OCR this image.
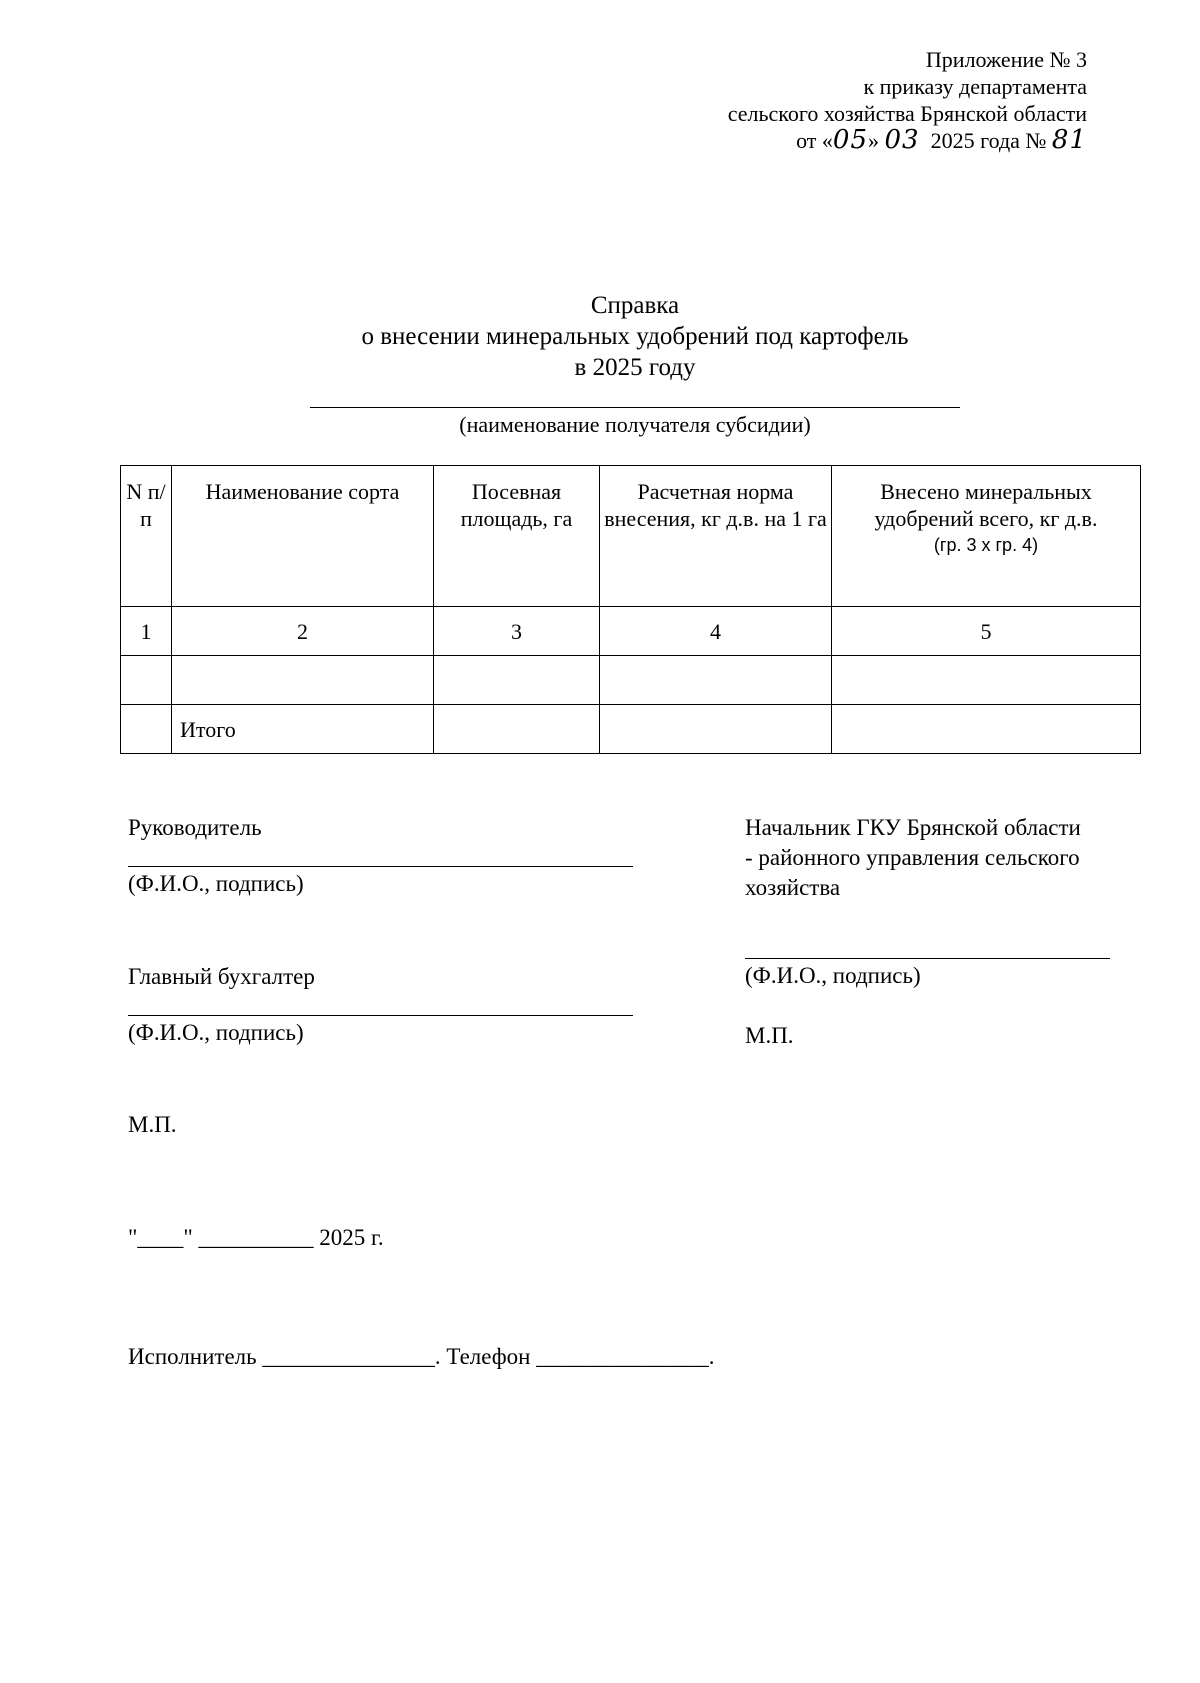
Приложение № 3
к приказу департамента
сельского хозяйства Брянской области
от «05» 03 2025 года № 81
Справка
о внесении минеральных удобрений под картофель
в 2025 году
(наименование получателя субсидии)
N п/п	Наименование сорта	Посевная площадь, га	Расчетная норма внесения, кг д.в. на 1 га	Внесено минеральных удобрений всего, кг д.в.
(гр. 3 х гр. 4)

1	2	3	4	5

	Итого			
Руководитель
(Ф.И.О., подпись)
Главный бухгалтер
(Ф.И.О., подпись)
М.П.
Начальник ГКУ Брянской области
- районного управления сельского
хозяйства
(Ф.И.О., подпись)
М.П.
"____" __________ 2025 г.
Исполнитель _______________. Телефон _______________.
